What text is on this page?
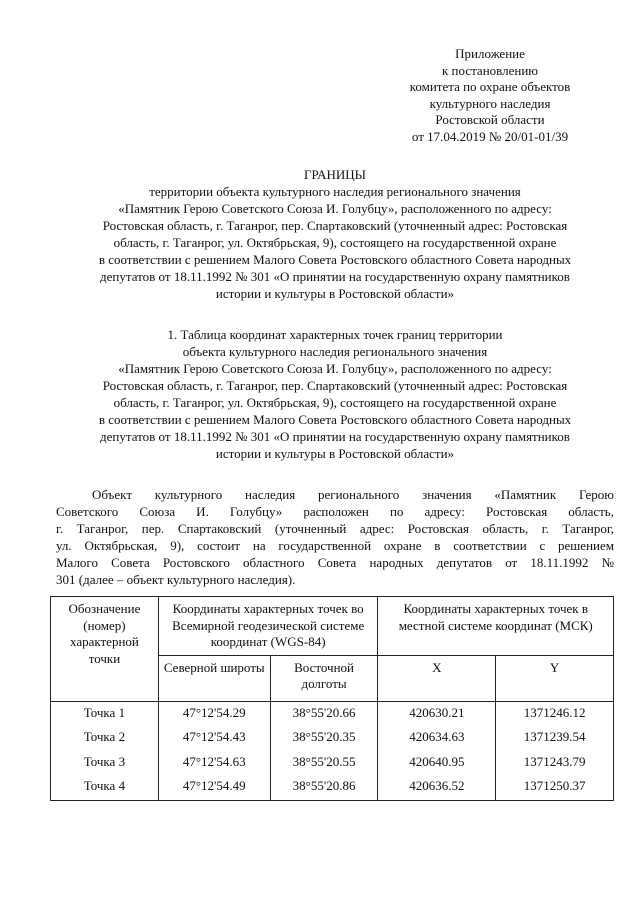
Приложение
к постановлению
комитета по охране объектов
культурного наследия
Ростовской области
от 17.04.2019 № 20/01-01/39
ГРАНИЦЫ
территории объекта культурного наследия регионального значения
«Памятник Герою Советского Союза И. Голубцу», расположенного по адресу:
Ростовская область, г. Таганрог, пер. Спартаковский (уточненный адрес: Ростовская
область, г. Таганрог, ул. Октябрьская, 9), состоящего на государственной охране
в соответствии с решением Малого Совета Ростовского областного Совета народных
депутатов от 18.11.1992 № 301 «О принятии на государственную охрану памятников
истории и культуры в Ростовской области»
1. Таблица координат характерных точек границ территории
объекта культурного наследия регионального значения
«Памятник Герою Советского Союза И. Голубцу», расположенного по адресу:
Ростовская область, г. Таганрог, пер. Спартаковский (уточненный адрес: Ростовская
область, г. Таганрог, ул. Октябрьская, 9), состоящего на государственной охране
в соответствии с решением Малого Совета Ростовского областного Совета народных
депутатов от 18.11.1992 № 301 «О принятии на государственную охрану памятников
истории и культуры в Ростовской области»
Объект культурного наследия регионального значения «Памятник Герою
Советского Союза И. Голубцу» расположен по адресу: Ростовская область,
г. Таганрог, пер. Спартаковский (уточненный адрес: Ростовская область, г. Таганрог,
ул. Октябрьская, 9), состоит на государственной охране в соответствии с решением
Малого Совета Ростовского областного Совета народных депутатов от 18.11.1992 №
301 (далее – объект культурного наследия).
Обозначение (номер) характерной точки	Координаты характерных точек во Всемирной геодезической системе координат (WGS-84)		Координаты характерных точек в местной системе координат (МСК)	
	Северной широты	Восточной долготы	X	Y
Точка 1	47°12'54.29	38°55'20.66	420630.21	1371246.12
Точка 2	47°12'54.43	38°55'20.35	420634.63	1371239.54
Точка 3	47°12'54.63	38°55'20.55	420640.95	1371243.79
Точка 4	47°12'54.49	38°55'20.86	420636.52	1371250.37
